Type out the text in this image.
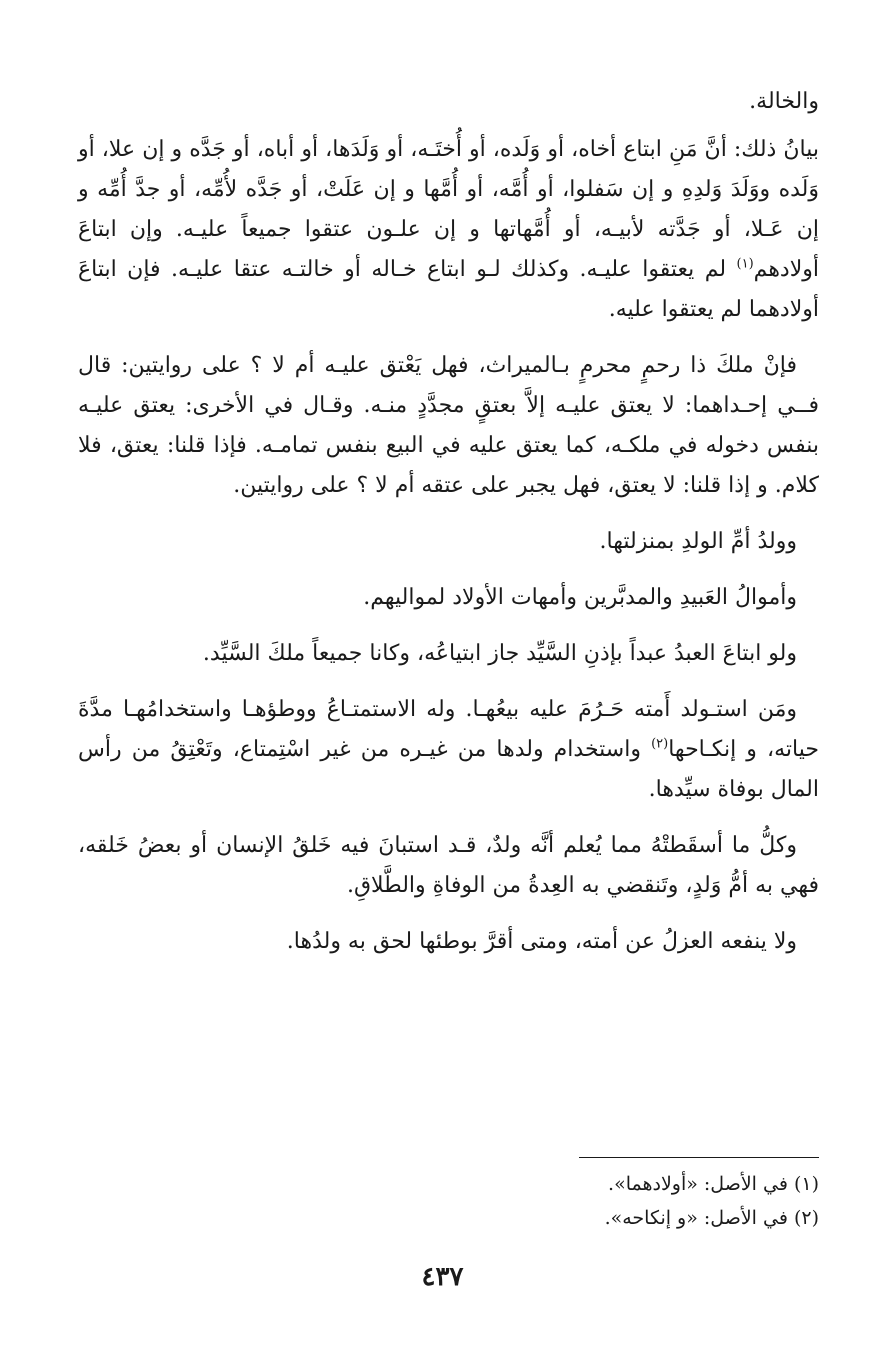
والخالة.

بيانُ ذلك: أنَّ مَنِ ابتاع أخاه، أو وَلَده، أو أُختَـه، أو وَلَدَها، أو أباه، أو جَدَّه و إن علا، أو وَلَده ووَلَدَ وَلدِهِ و إن سَفلوا، أو أُمَّه، أو أُمَّها و إن عَلَتْ، أو جَدَّه لأُمِّه، أو جدَّ أُمِّه و إن عَـلا، أو جَدَّته لأبيـه، أو أُمَّهاتها و إن علـون عتقوا جميعاً عليـه. وإن ابتاعَ أولادهم$^{(١)}$ لم يعتقوا عليـه. وكذلك لـو ابتاع خـاله أو خالتـه عتقا عليـه. فإن ابتاعَ أولادهما لم يعتقوا عليه.

فإنْ ملكَ ذا رحمٍ محرمٍ بـالميراث، فهل يَعْتق عليـه أم لا ؟ على روايتين: قال فــي إحـداهما: لا يعتق عليـه إلاَّ بعتقٍ مجدَّدٍ منـه. وقـال في الأخرى: يعتق عليـه بنفس دخوله في ملكـه، كما يعتق عليه في البيع بنفس تمامـه. فإذا قلنا: يعتق، فلا كلام. و إذا قلنا: لا يعتق، فهل يجبر على عتقه أم لا ؟ على روايتين.

وولدُ أمِّ الولدِ بمنزلتها.

وأموالُ العَبيدِ والمدبَّرين وأمهات الأولاد لمواليهم.

ولو ابتاعَ العبدُ عبداً بإذنِ السَّيِّد جاز ابتياعُه، وكانا جميعاً ملكَ السَّيِّد.

ومَن استـولد أَمته حَـرُمَ عليه بيعُهـا. وله الاستمتـاعُ ووطؤهـا واستخدامُهـا مدَّةَ حياته، و إنكـاحها$^{(٢)}$ واستخدام ولدها من غيـره من غير اسْتِمتاع، وتَعْتِقُ من رأس المال بوفاة سيِّدها.

وكلُّ ما أسقَطتْهُ مما يُعلم أنَّه ولدٌ، قـد استبانَ فيه خَلقُ الإنسان أو بعضُ خَلقه، فهي به أمُّ وَلدٍ، وتَنقضي به العِدةُ من الوفاةِ والطَّلاقِ.

ولا ينفعه العزلُ عن أمته، ومتى أقرَّ بوطئها لحق به ولدُها.

(١) في الأصل: «أولادهما».

(٢) في الأصل: «و إنكاحه».

٤٣٧
